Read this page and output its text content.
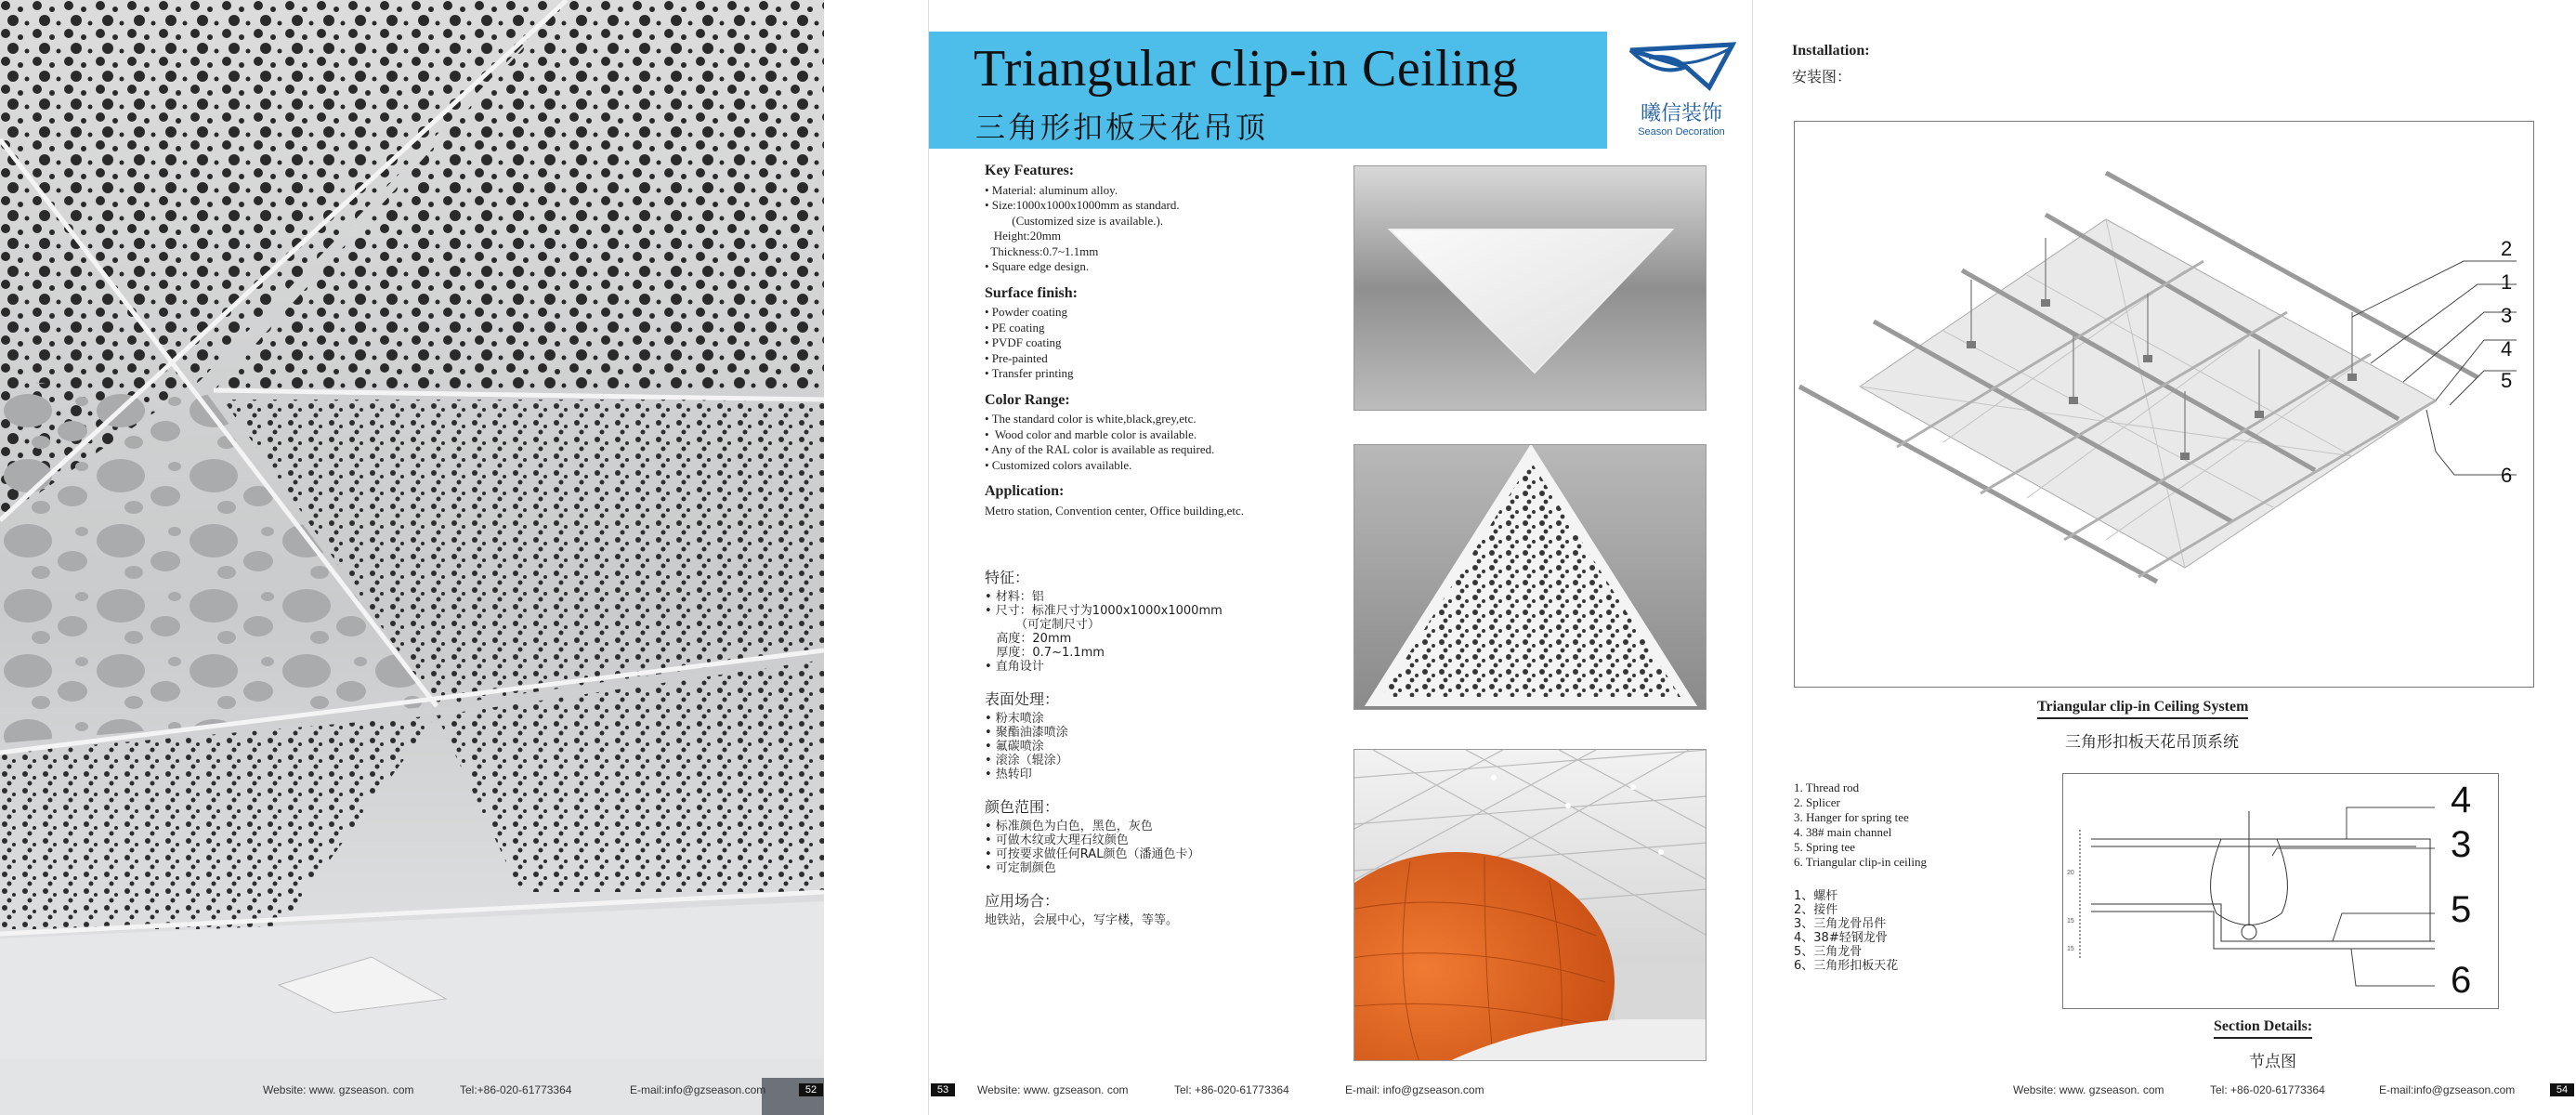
Website: www. gzseason. com	Tel:+86-020-61773364	E-mail:info@gzseason.com	52
Triangular clip-in Ceiling
三角形扣板天花吊顶	曦信装饰
Season Decoration
Key Features:
• Material: aluminum alloy.
• Size:1000x1000x1000mm as standard.
(Customized size is available.).
Height:20mm
Thickness:0.7~1.1mm
• Square edge design.
Surface finish:
• Powder coating
• PE coating
• PVDF coating
• Pre-painted
• Transfer printing
Color Range:
• The standard color is white,black,grey,etc.
•  Wood color and marble color is available.
• Any of the RAL color is available as required.
• Customized colors available.
Application:
Metro station, Convention center, Office building,etc.
特征：
• 材料：铝
• 尺寸：标准尺寸为1000x1000x1000mm
（可定制尺寸）
高度：20mm
厚度：0.7~1.1mm
• 直角设计
表面处理：
• 粉末喷涂
• 聚酯油漆喷涂
• 氟碳喷涂
• 滚涂（辊涂）
• 热转印
颜色范围：
• 标准颜色为白色，黑色，灰色
• 可做木纹或大理石纹颜色
• 可按要求做任何RAL颜色（潘通色卡）
• 可定制颜色
应用场合：
地铁站，会展中心，写字楼，等等。
Website: www. gzseason. com	Tel: +86-020-61773364	E-mail: info@gzseason.com
53
Installation:
安装图：
2
1
3
4
5
6
Triangular clip-in Ceiling System
三角形扣板天花吊顶系统
1. Thread rod
2. Splicer
3. Hanger for spring tee
4. 38# main channel
5. Spring tee
6. Triangular clip-in ceiling
1、螺杆
2、接件
3、三角龙骨吊件
4、38#轻钢龙骨
5、三角龙骨
6、三角形扣板天花
20
15
15
4
3
5
6
Section Details:
节点图
Website: www. gzseason. com	Tel: +86-020-61773364	E-mail:info@gzseason.com	54
